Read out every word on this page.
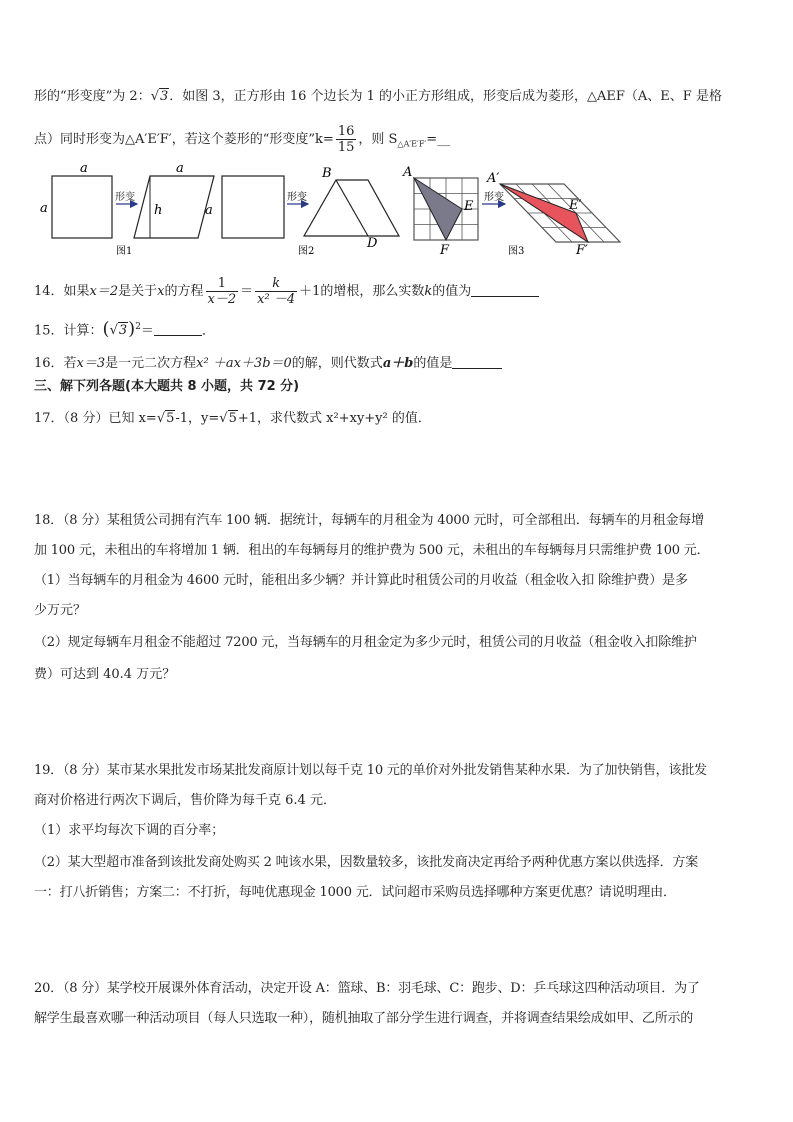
形的“形变度”为 2：√3．如图 3，正方形由 16 个边长为 1 的小正方形组成，形变后成为菱形，△AEF（A、E、F 是格
点）同时形变为△A′E′F′，若这个菱形的“形变度”k= $\frac{16}{15}$ ，则 $S_{\triangle A'E'F'}=\_\_$
a
a
形变
a
h	a
图1
形变
B
D
图2
A
E
F
形变
A′
E′
F′
图3
14．如果x＝2是关于x的方程 $\frac{1}{x-2} = \frac{k}{\text{x² －4}} +1$的增根，那么实数k的值为
15．计算：$(√3)^2=$	．
16．若x＝3是一元二次方程x² ＋ax＋3b＝0的解，则代数式a＋b的值是
三、解下列各题(本大题共 8 小题，共 72 分)
17．（8 分）已知 x=√5-1，y=√5+1，求代数式 x²+xy+y² 的值．
18．（8 分）某租赁公司拥有汽车 100 辆．据统计，每辆车的月租金为 4000 元时，可全部租出．每辆车的月租金每增
加 100 元，未租出的车将增加 1 辆．租出的车每辆每月的维护费为 500 元，未租出的车每辆每月只需维护费 100 元．
（1）当每辆车的月租金为 4600 元时，能租出多少辆？并计算此时租赁公司的月收益（租金收入扣 除维护费）是多
少万元？
（2）规定每辆车月租金不能超过 7200 元，当每辆车的月租金定为多少元时，租赁公司的月收益（租金收入扣除维护
费）可达到 40.4 万元？
19．（8 分）某市某水果批发市场某批发商原计划以每千克 10 元的单价对外批发销售某种水果．为了加快销售，该批发
商对价格进行两次下调后，售价降为每千克 6.4 元．
（1）求平均每次下调的百分率；
（2）某大型超市准备到该批发商处购买 2 吨该水果，因数量较多，该批发商决定再给予两种优惠方案以供选择．方案
一：打八折销售；方案二：不打折，每吨优惠现金 1000 元．试问超市采购员选择哪种方案更优惠？请说明理由．
20．（8 分）某学校开展课外体育活动，决定开设 A：篮球、B：羽毛球、C：跑步、D：乒乓球这四种活动项目．为了
解学生最喜欢哪一种活动项目（每人只选取一种），随机抽取了部分学生进行调查，并将调查结果绘成如甲、乙所示的
